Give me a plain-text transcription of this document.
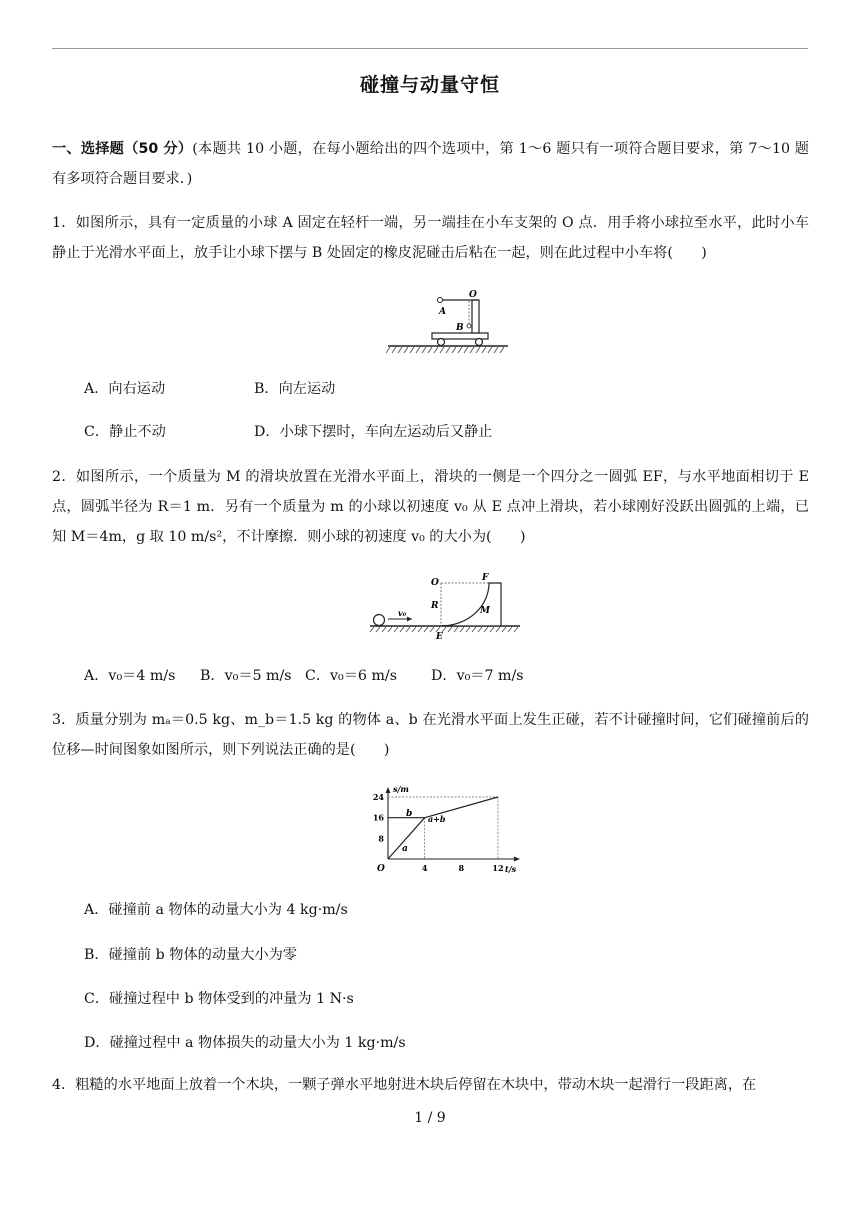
碰撞与动量守恒
一、选择题（50 分）(本题共 10 小题，在每小题给出的四个选项中，第 1～6 题只有一项符合题目要求，第 7～10 题有多项符合题目要求．)
1．如图所示，具有一定质量的小球 A 固定在轻杆一端，另一端挂在小车支架的 O 点．用手将小球拉至水平，此时小车静止于光滑水平面上，放手让小球下摆与 B 处固定的橡皮泥碰击后粘在一起，则在此过程中小车将(　　)
O
A
B
A．向右运动	B．向左运动
C．静止不动	D．小球下摆时，车向左运动后又静止
2．如图所示，一个质量为 M 的滑块放置在光滑水平面上，滑块的一侧是一个四分之一圆弧 EF，与水平地面相切于 E 点，圆弧半径为 R＝1 m．另有一个质量为 m 的小球以初速度 v₀ 从 E 点冲上滑块，若小球刚好没跃出圆弧的上端，已知 M＝4m，g 取 10 m/s²，不计摩擦．则小球的初速度 v₀ 的大小为(　　)
v₀
O	F
R	M
E
A．v₀＝4 m/s B．v₀＝5 m/s C．v₀＝6 m/s D．v₀＝7 m/s
3．质量分别为 mₐ＝0.5 kg、m_b＝1.5 kg 的物体 a、b 在光滑水平面上发生正碰，若不计碰撞时间，它们碰撞前后的位移—时间图象如图所示，则下列说法正确的是(　　)
24
16
8
4	8	12
s/m
t/s
O
a
b a+b
A．碰撞前 a 物体的动量大小为 4 kg·m/s
B．碰撞前 b 物体的动量大小为零
C．碰撞过程中 b 物体受到的冲量为 1 N·s
D．碰撞过程中 a 物体损失的动量大小为 1 kg·m/s
4．粗糙的水平地面上放着一个木块，一颗子弹水平地射进木块后停留在木块中，带动木块一起滑行一段距离，在
1 / 9
